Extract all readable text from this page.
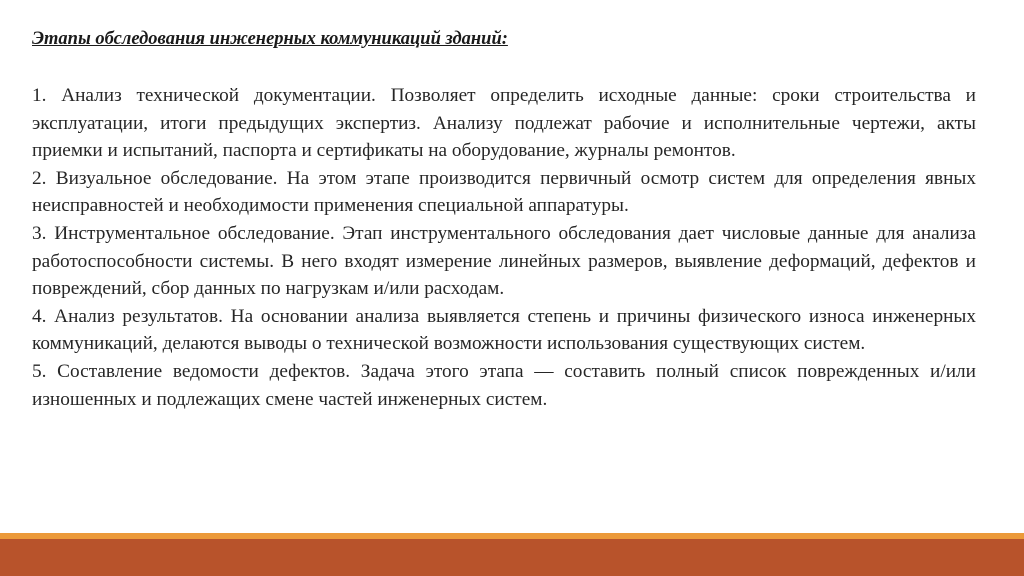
Этапы обследования инженерных коммуникаций зданий:

1. Анализ технической документации. Позволяет определить исходные данные: сроки строительства и эксплуатации, итоги предыдущих экспертиз. Анализу подлежат рабочие и исполнительные чертежи, акты приемки и испытаний, паспорта и сертификаты на оборудование, журналы ремонтов.

2. Визуальное обследование. На этом этапе производится первичный осмотр систем для определения явных неисправностей и необходимости применения специальной аппаратуры.

3. Инструментальное обследование. Этап инструментального обследования дает числовые данные для анализа работоспособности системы. В него входят измерение линейных размеров, выявление деформаций, дефектов и повреждений, сбор данных по нагрузкам и/или расходам.

4. Анализ результатов. На основании анализа выявляется степень и причины физического износа инженерных коммуникаций, делаются выводы о технической возможности использования существующих систем.

5. Составление ведомости дефектов. Задача этого этапа — составить полный список поврежденных и/или изношенных и подлежащих смене частей инженерных систем.
